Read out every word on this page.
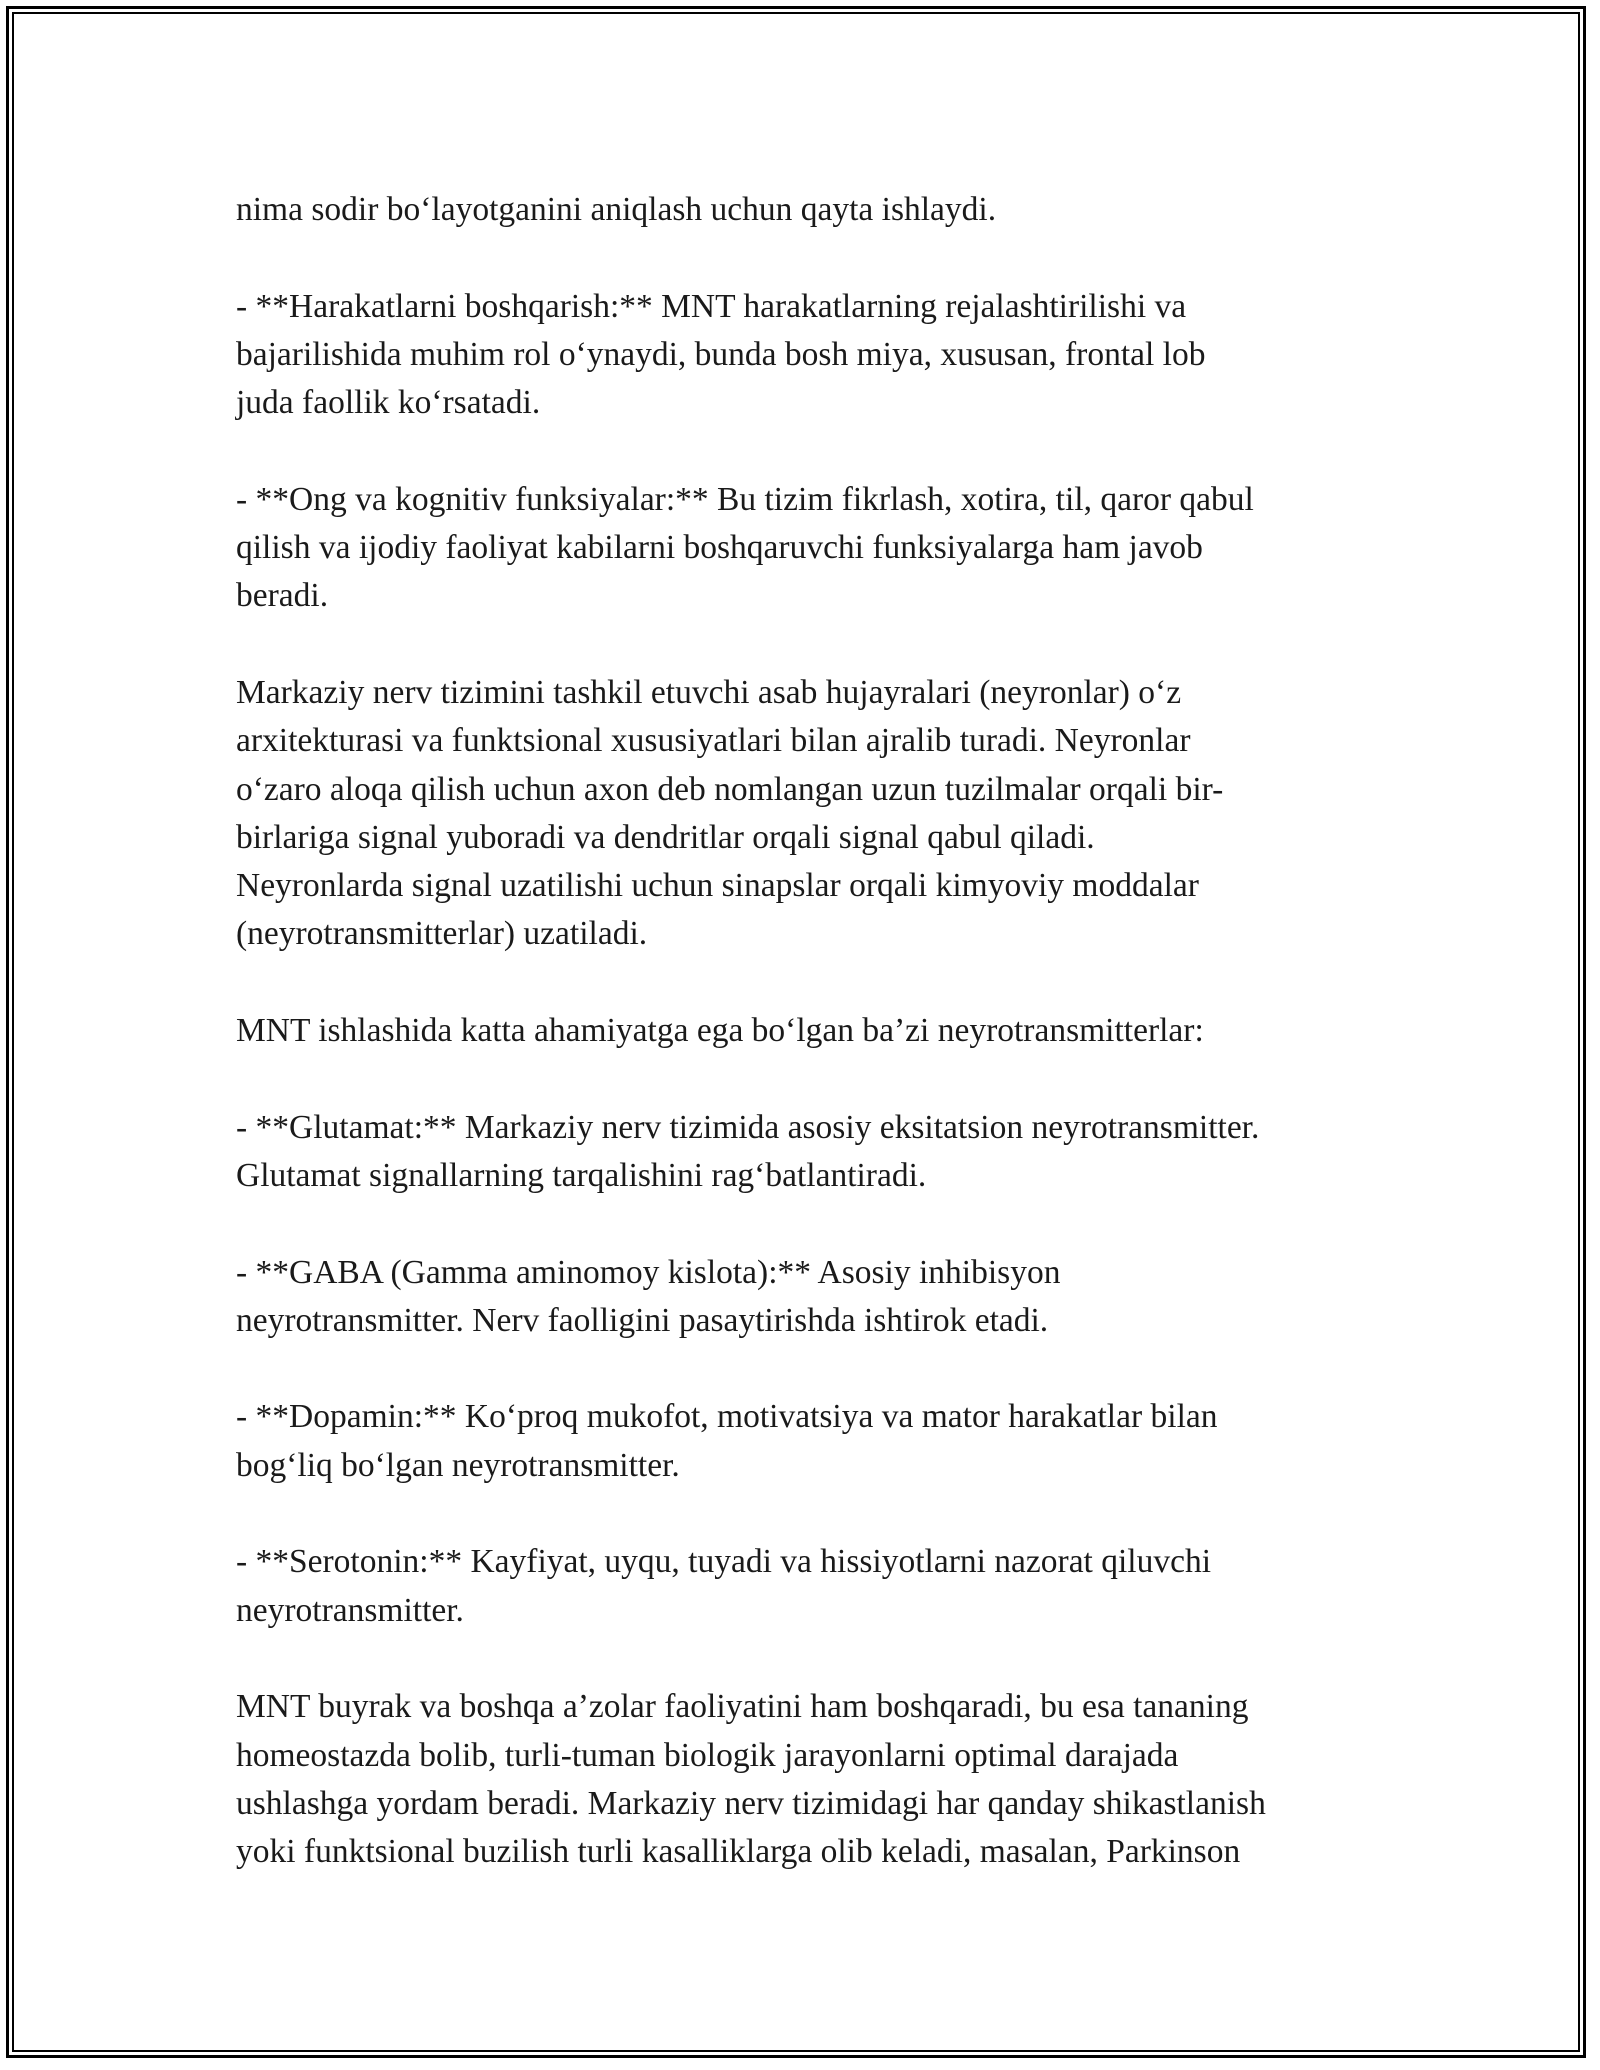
nima sodir bo‘layotganini aniqlash uchun qayta ishlaydi.

- **Harakatlarni boshqarish:** MNT harakatlarning rejalashtirilishi va
bajarilishida muhim rol o‘ynaydi, bunda bosh miya, xususan, frontal lob
juda faollik ko‘rsatadi.

- **Ong va kognitiv funksiyalar:** Bu tizim fikrlash, xotira, til, qaror qabul
qilish va ijodiy faoliyat kabilarni boshqaruvchi funksiyalarga ham javob
beradi.

Markaziy nerv tizimini tashkil etuvchi asab hujayralari (neyronlar) o‘z
arxitekturasi va funktsional xususiyatlari bilan ajralib turadi. Neyronlar
o‘zaro aloqa qilish uchun axon deb nomlangan uzun tuzilmalar orqali bir-
birlariga signal yuboradi va dendritlar orqali signal qabul qiladi.
Neyronlarda signal uzatilishi uchun sinapslar orqali kimyoviy moddalar
(neyrotransmitterlar) uzatiladi.

MNT ishlashida katta ahamiyatga ega bo‘lgan ba’zi neyrotransmitterlar:

- **Glutamat:** Markaziy nerv tizimida asosiy eksitatsion neyrotransmitter.
Glutamat signallarning tarqalishini rag‘batlantiradi.

- **GABA (Gamma aminomoy kislota):** Asosiy inhibisyon
neyrotransmitter. Nerv faolligini pasaytirishda ishtirok etadi.

- **Dopamin:** Ko‘proq mukofot, motivatsiya va mator harakatlar bilan
bog‘liq bo‘lgan neyrotransmitter.

- **Serotonin:** Kayfiyat, uyqu, tuyadi va hissiyotlarni nazorat qiluvchi
neyrotransmitter.

MNT buyrak va boshqa a’zolar faoliyatini ham boshqaradi, bu esa tananing
homeostazda bolib, turli-tuman biologik jarayonlarni optimal darajada
ushlashga yordam beradi. Markaziy nerv tizimidagi har qanday shikastlanish
yoki funktsional buzilish turli kasalliklarga olib keladi, masalan, Parkinson
